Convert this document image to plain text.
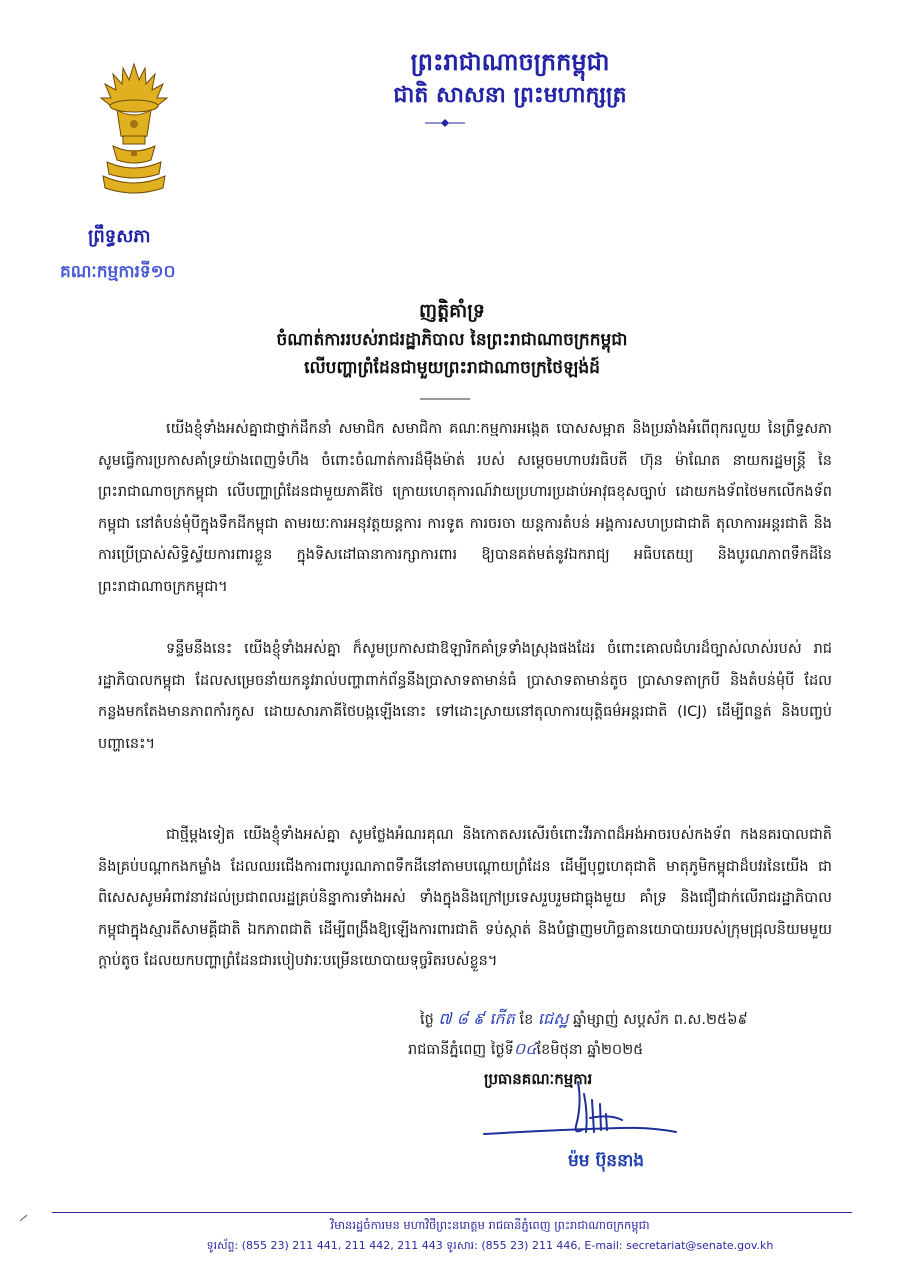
ព្រះរាជាណាចក្រកម្ពុជា
ជាតិ សាសនា ព្រះមហាក្សត្រ
ព្រឹទ្ធសភា
គណៈកម្មការទី១០
ញត្តិគាំទ្រ
ចំណាត់ការរបស់រាជរដ្ឋាភិបាល នៃព្រះរាជាណាចក្រកម្ពុជា
លើបញ្ហាព្រំដែនជាមួយព្រះរាជាណាចក្រថៃឡង់ដ៍
យើងខ្ញុំទាំងអស់គ្នាជាថ្នាក់ដឹកនាំ សមាជិក សមាជិកា គណៈកម្មការអង្កេត បោសសម្អាត និងប្រឆាំងអំពើពុករលួយ នៃព្រឹទ្ធសភា សូមធ្វើការប្រកាសគាំទ្រយ៉ាងពេញទំហឹង ចំពោះចំណាត់ការដ៏ម៉ឺងម៉ាត់ របស់ សម្តេចមហាបវរធិបតី ហ៊ុន ម៉ាណែត នាយករដ្ឋមន្ត្រី នៃព្រះរាជាណាចក្រកម្ពុជា លើបញ្ហាព្រំដែនជាមួយភាគីថៃ ក្រោយហេតុការណ៍វាយប្រហារប្រដាប់អាវុធខុសច្បាប់ ដោយកងទ័ពថៃមកលើកងទ័ពកម្ពុជា នៅតំបន់មុំបីក្នុងទឹកដីកម្ពុជា តាមរយៈការអនុវត្តយន្តការ ការទូត ការចរចា យន្តការតំបន់ អង្គការសហប្រជាជាតិ តុលាការអន្តរជាតិ និងការប្រើប្រាស់សិទ្ធិស្វ័យការពារខ្លួន ក្នុងទិសដៅធានាការក្សាការពារ ឱ្យបានគត់មត់នូវឯករាជ្យ អធិបតេយ្យ និងបូរណភាពទឹកដីនៃព្រះរាជាណាចក្រកម្ពុជា។
ទន្ទឹមនឹងនេះ យើងខ្ញុំទាំងអស់គ្នា ក៏សូមប្រកាសជាឱឡារិកគាំទ្រទាំងស្រុងផងដែរ ចំពោះគោលជំហរដ៏ច្បាស់លាស់របស់ រាជរដ្ឋាភិបាលកម្ពុជា ដែលសម្រេចនាំយកនូវរាល់បញ្ហាពាក់ព័ន្ធនឹងប្រាសាទតាមាន់ធំ ប្រាសាទតាមាន់តូច ប្រាសាទតាក្របី និងតំបន់មុំបី ដែលកន្លងមកតែងមានភាពកាំរកូស ដោយសារភាគីថៃបង្កឡើងនោះ ទៅដោះស្រាយនៅតុលាការយុត្តិធម៌អន្តរជាតិ (ICJ) ដើម្បីពន្លត់ និងបញ្ចប់បញ្ហានេះ។
ជាថ្មីម្តងទៀត យើងខ្ញុំទាំងអស់គ្នា សូមថ្លែងអំណរគុណ និងកោតសរសើរចំពោះវីរភាពដ៏អង់អាចរបស់កងទ័ព កងនគរបាលជាតិ និងគ្រប់បណ្តាកងកម្លាំង ដែលឈរជើងការពារបូរណភាពទឹកដីនៅតាមបណ្តោយព្រំដែន ដើម្បីបុព្វហេតុជាតិ មាតុភូមិកម្ពុជាដ៏បវរនៃយើង ជាពិសេសសូមអំពាវនាវដល់ប្រជាពលរដ្ឋគ្រប់និន្នាការទាំងអស់ ទាំងក្នុងនិងក្រៅប្រទេសរួបរួមជាធ្លុងមួយ គាំទ្រ និងជឿជាក់លើរាជរដ្ឋាភិបាលកម្ពុជាក្នុងស្មារតីសាមគ្គីជាតិ ឯកភាពជាតិ ដើម្បីពង្រឹងឱ្យឡើងការពារជាតិ ទប់ស្កាត់ និងបំផ្លាញមហិច្ឆតានយោបាយរបស់ក្រុមជ្រុលនិយមមួយក្តាប់តូច ដែលយកបញ្ហាព្រំដែនជារបៀបវារៈបម្រើនយោបាយទុច្ចរិតរបស់ខ្លួន។
ថ្ងៃ ៧ ៨ ៩ កើត ខែ ជេស្ឋ ឆ្នាំម្សាញ់ សប្តស័ក ព.ស.២៥៦៩
រាជធានីភ្នំពេញ ថ្ងៃទី០៤ខែមិថុនា ឆ្នាំ២០២៥
ប្រធានគណៈកម្មការ
ម៉ម ប៊ុននាង
វិមានរដ្ឋចំការមន មហាវិថីព្រះនរោត្តម រាជធានីភ្នំពេញ ព្រះរាជាណាចក្រកម្ពុជា
ទូរស័ព្ទ: (855 23) 211 441, 211 442, 211 443 ទូរសារ: (855 23) 211 446, E-mail: secretariat@senate.gov.kh
